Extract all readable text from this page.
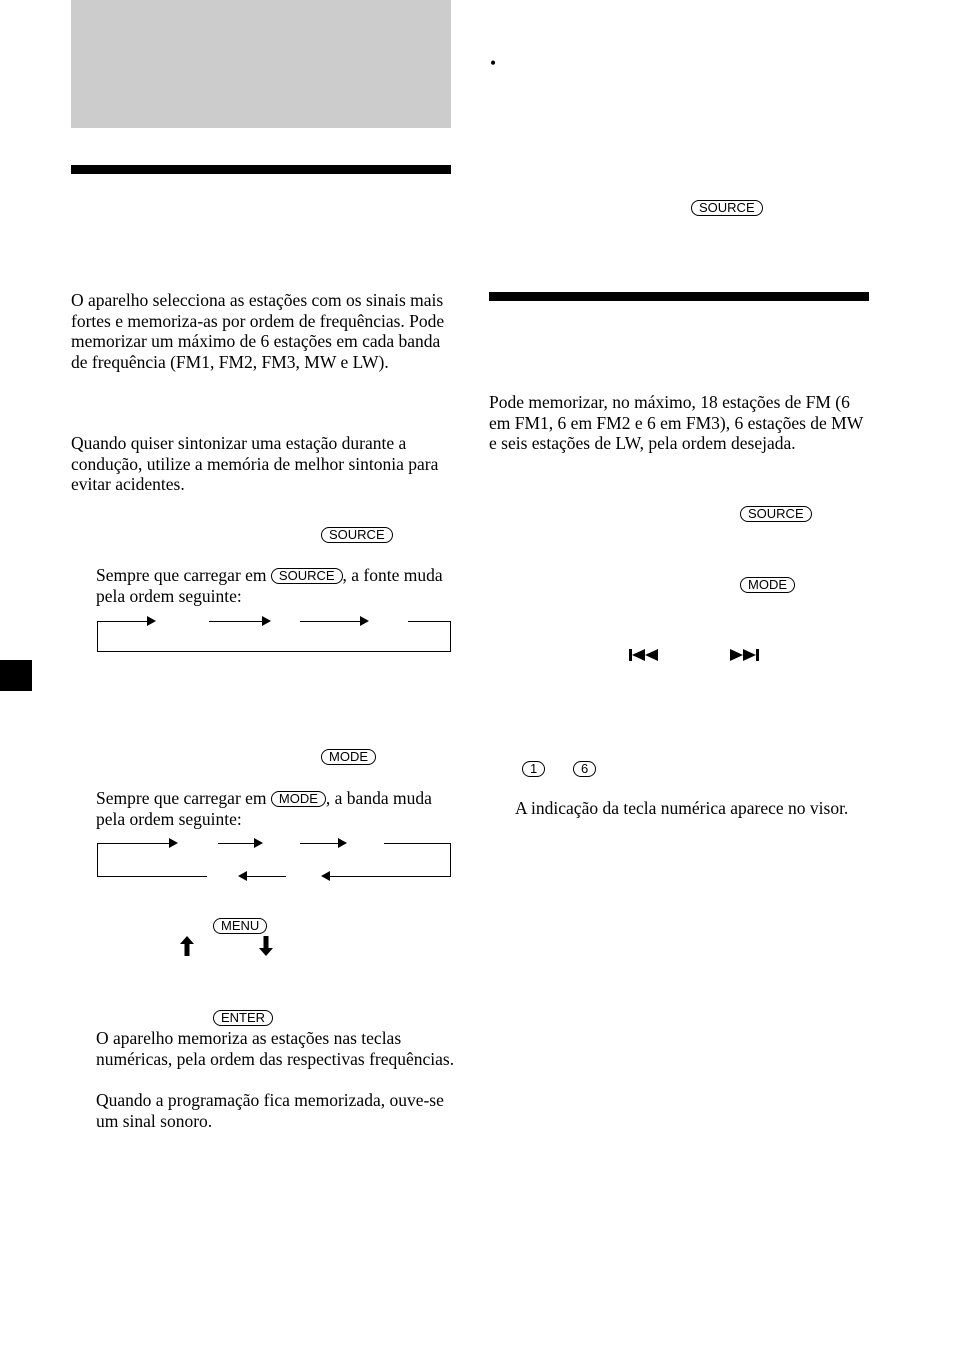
O aparelho selecciona as estações com os sinais mais fortes e memoriza-as por ordem de frequências. Pode memorizar um máximo de 6 estações em cada banda de frequência (FM1, FM2, FM3, MW e LW).

Quando quiser sintonizar uma estação durante a condução, utilize a memória de melhor sintonia para evitar acidentes.

SOURCE

Sempre que carregar em SOURCE , a fonte muda pela ordem seguinte:

MODE

Sempre que carregar em MODE , a banda muda pela ordem seguinte:

MENU
ENTER

O aparelho memoriza as estações nas teclas numéricas, pela ordem das respectivas frequências.

Quando a programação fica memorizada, ouve-se um sinal sonoro.

•
SOURCE

Pode memorizar, no máximo, 18 estações de FM (6 em FM1, 6 em FM2 e 6 em FM3), 6 estações de MW e seis estações de LW, pela ordem desejada.

SOURCE
MODE
1	6

A indicação da tecla numérica aparece no visor.
